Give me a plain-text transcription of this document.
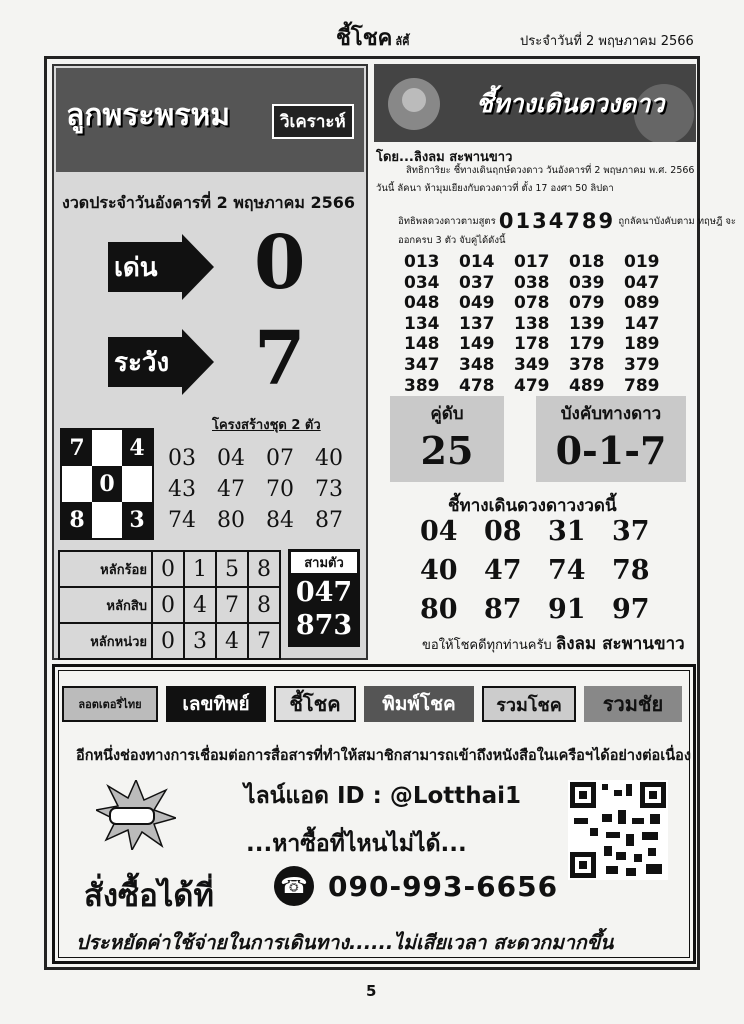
ชี้โชค ลัคี้	ประจำวันที่ 2 พฤษภาคม 2566
ลูกพระพรหม	วิเคราะห์
งวดประจำวันอังคารที่ 2 พฤษภาคม 2566
เด่น 0
ระวัง 7
โครงสร้างชุด 2 ตัว
7	4
0
8	3
03 04 07 40
43 47 70 73
74 80 84 87
หลักร้อย	0	1	5	8
หลักสิบ	0	4	7	8
หลักหน่วย	0	3	4	7
สามตัว
047
873
ชี้ทางเดินดวงดาว
โดย...ลิงลม สะพานขาว
สิทธิการิยะ ชี้ทางเดินฤกษ์ดวงดาว วันอังคารที่ 2 พฤษภาคม พ.ศ. 2566 วันนี้ ลัคนา ห้ามุมเยียงกับดวงดาวที่ ตั้ง 17 องศา 50 ลิปดา
อิทธิพลดวงดาวตามสูตร 0134789 ถูกลัคนาบังคับตาม ทฤษฎี จะออกครบ 3 ตัว จับคู่ได้ดังนี้
013	014	017	018	019
034	037	038	039	047
048	049	078	079	089
134	137	138	139	147
148	149	178	179	189
347	348	349	378	379
389	478	479	489	789
คู่ดับ
25
บังคับทางดาว
0-1-7
ชี้ทางเดินดวงดาวงวดนี้
04 08 31 37
40 47 74 78
80 87 91 97
ขอให้โชคดีทุกท่านครับ ลิงลม สะพานขาว
ลอตเตอรี่ไทย	เลขทิพย์	ชี้โชค	พิมพ์โชค	รวมโชค	รวมชัย
อีกหนึ่งช่องทางการเชื่อมต่อการสื่อสารที่ทำให้สมาชิกสามารถเข้าถึงหนังสือในเครือฯได้อย่างต่อเนื่อง
ไลน์แอด ID : @Lotthai1
...หาซื้อที่ไหนไม่ได้...
สั่งซื้อได้ที่	☎ 090-993-6656
ประหยัดค่าใช้จ่ายในการเดินทาง......ไม่เสียเวลา สะดวกมากขึ้น
5
